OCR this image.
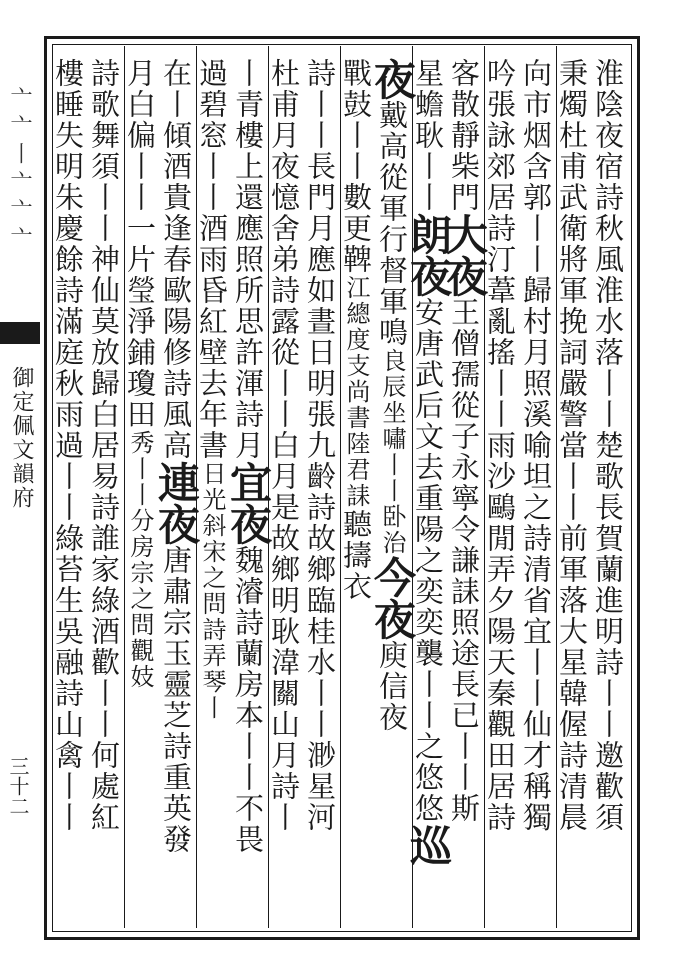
亠亠丨亠亠亠
御定佩文韻府
三十二	淮陰夜宿詩秋風淮水落丨丨楚歌長賀蘭進明詩丨丨邀歡須
秉燭杜甫武衛將軍挽詞嚴警當丨丨前軍落大星韓偓詩清晨
向市烟含郭丨丨歸村月照溪喻坦之詩清省宜丨丨仙才稱獨
吟張詠郊居詩汀葦亂搖丨丨雨沙鷗閒弄夕陽天秦觀田居詩
客散靜柴門大夜王僧孺從子永寧令謙誄照途長已丨丨斯
星蟾耿丨丨朗夜安唐武后文去重陽之奕奕襲丨丨之悠悠巡
夜戴高從軍行督軍鳴良辰坐嘯丨丨卧治今夜庾信夜
戰鼓丨丨數更鞞江總度支尚書陸君誄聽擣衣
詩丨丨長門月應如晝日明張九齡詩故鄉臨桂水丨丨渺星河
杜甫月夜憶舍弟詩露從丨丨白月是故鄉明耿湋關山月詩丨
丨青樓上還應照所思許渾詩月宜夜魏濬詩蘭房本丨丨不畏
過碧窓丨丨酒雨昏紅壁去年書日光斜宋之問詩弄琴丨
在丨傾酒貴逢春歐陽修詩風高連夜唐肅宗玉靈芝詩重英發
月白偏丨丨一片瑩淨鋪瓊田秀丨丨分房宗之問觀妓
詩歌舞須丨丨神仙莫放歸白居易詩誰家綠酒歡丨丨何處紅
樓睡失明朱慶餘詩滿庭秋雨過丨丨綠苔生吳融詩山禽丨丨
